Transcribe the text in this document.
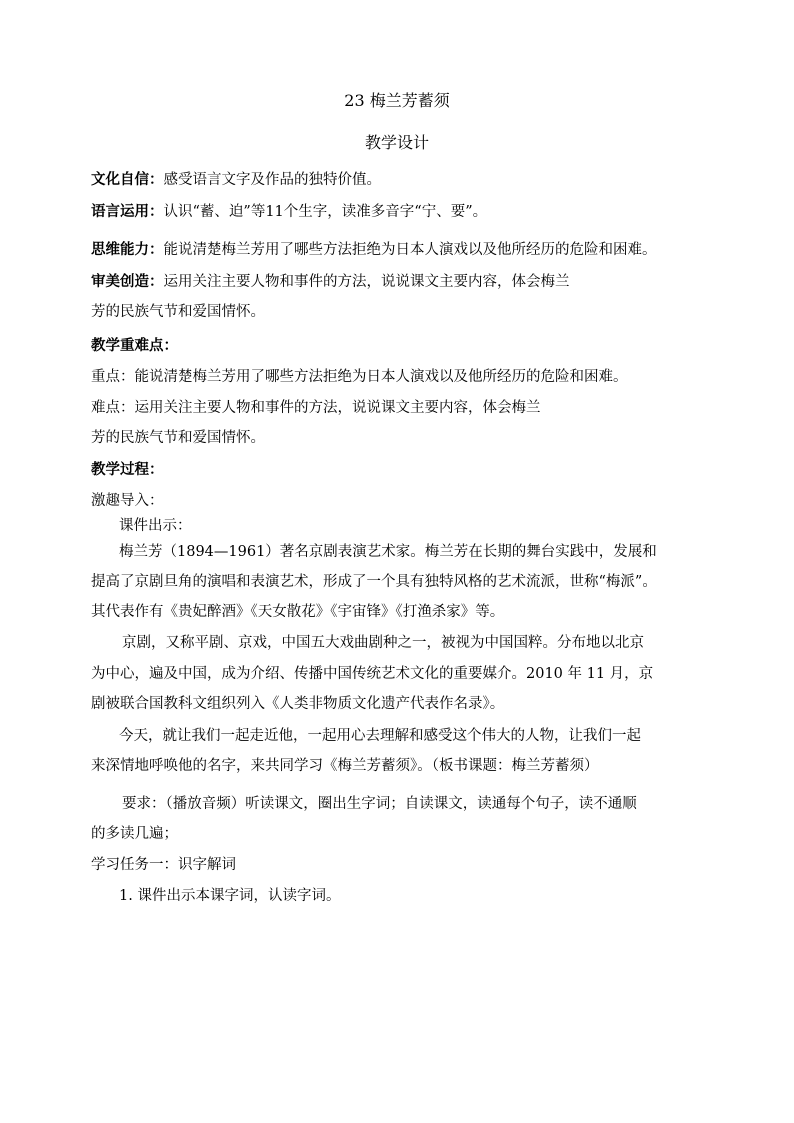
23 梅兰芳蓄须
教学设计
文化自信：感受语言文字及作品的独特价值。
语言运用：认识“蓄、迫”等11个生字，读准多音字“宁、要”。
思维能力：能说清楚梅兰芳用了哪些方法拒绝为日本人演戏以及他所经历的危险和困难。
审美创造：运用关注主要人物和事件的方法，说说课文主要内容，体会梅兰
芳的民族气节和爱国情怀。
教学重难点：
重点：能说清楚梅兰芳用了哪些方法拒绝为日本人演戏以及他所经历的危险和困难。
难点：运用关注主要人物和事件的方法，说说课文主要内容，体会梅兰
芳的民族气节和爱国情怀。
教学过程：
激趣导入：
课件出示：
梅兰芳（1894—1961）著名京剧表演艺术家。梅兰芳在长期的舞台实践中，发展和
提高了京剧旦角的演唱和表演艺术，形成了一个具有独特风格的艺术流派，世称“梅派”。
其代表作有《贵妃醉酒》《天女散花》《宇宙锋》《打渔杀家》等。
京剧，又称平剧、京戏，中国五大戏曲剧种之一，被视为中国国粹。分布地以北京
为中心，遍及中国，成为介绍、传播中国传统艺术文化的重要媒介。2010 年 11 月，京
剧被联合国教科文组织列入《人类非物质文化遗产代表作名录》。
今天，就让我们一起走近他，一起用心去理解和感受这个伟大的人物，让我们一起
来深情地呼唤他的名字，来共同学习《梅兰芳蓄须》。（板书课题：梅兰芳蓄须）
要求：（播放音频）听读课文，圈出生字词；自读课文，读通每个句子，读不通顺
的多读几遍；
学习任务一：识字解词
1. 课件出示本课字词，认读字词。
